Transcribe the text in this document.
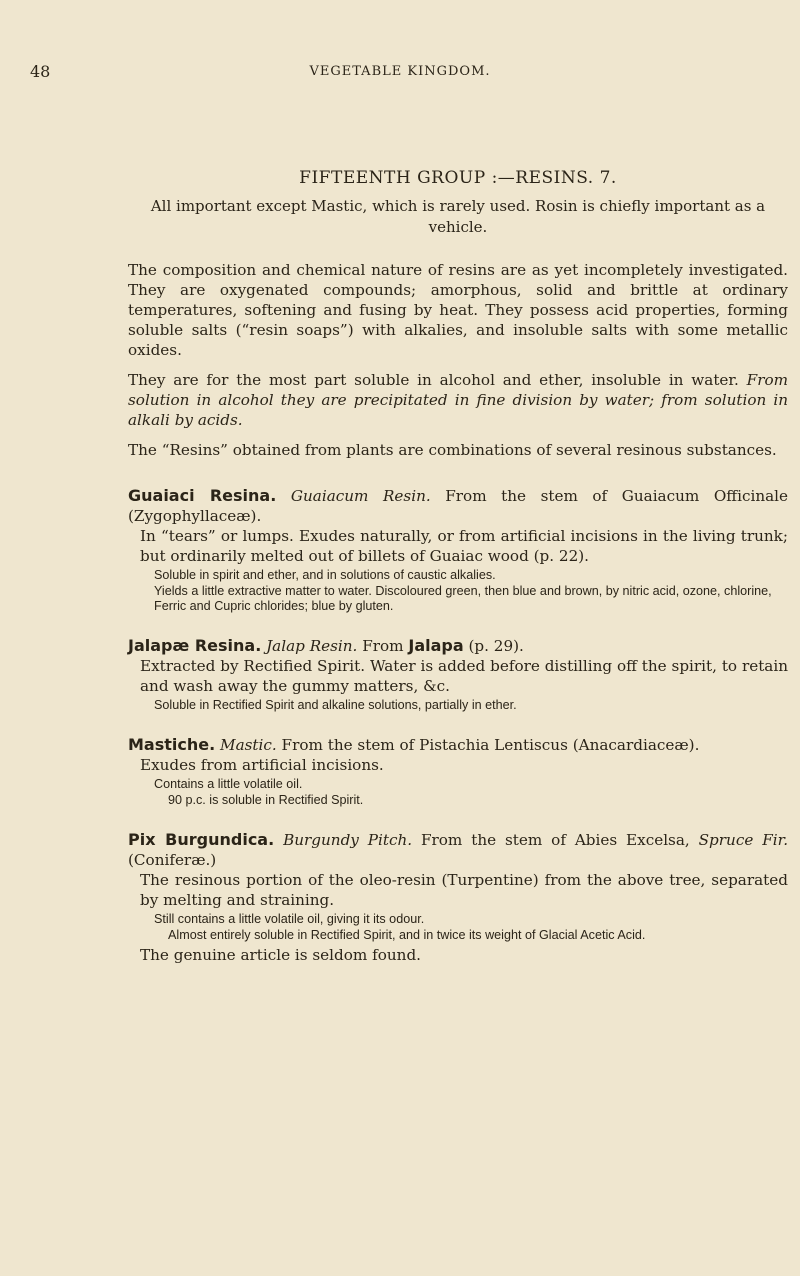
48	VEGETABLE KINGDOM.
FIFTEENTH GROUP :—RESINS. 7.
All important except Mastic, which is rarely used. Rosin is chiefly important as a vehicle.

The composition and chemical nature of resins are as yet incompletely investigated. They are oxygenated compounds; amorphous, solid and brittle at ordinary temperatures, softening and fusing by heat. They possess acid properties, forming soluble salts (“resin soaps”) with alkalies, and insoluble salts with some metallic oxides.

They are for the most part soluble in alcohol and ether, insoluble in water. From solution in alcohol they are precipitated in fine division by water; from solution in alkali by acids.

The “Resins” obtained from plants are combinations of several resinous substances.

Guaiaci Resina. Guaiacum Resin. From the stem of Guaiacum Officinale (Zygophyllaceæ).

In “tears” or lumps. Exudes naturally, or from artificial incisions in the living trunk; but ordinarily melted out of billets of Guaiac wood (p. 22).

Soluble in spirit and ether, and in solutions of caustic alkalies.
Yields a little extractive matter to water. Discoloured green, then blue and brown, by nitric acid, ozone, chlorine, Ferric and Cupric chlorides; blue by gluten.

Jalapæ Resina. Jalap Resin. From Jalapa (p. 29).

Extracted by Rectified Spirit. Water is added before distilling off the spirit, to retain and wash away the gummy matters, &c.

Soluble in Rectified Spirit and alkaline solutions, partially in ether.

Mastiche. Mastic. From the stem of Pistachia Lentiscus (Anacardiaceæ).

Exudes from artificial incisions.

Contains a little volatile oil.
90 p.c. is soluble in Rectified Spirit.

Pix Burgundica. Burgundy Pitch. From the stem of Abies Excelsa, Spruce Fir. (Coniferæ.)

The resinous portion of the oleo-resin (Turpentine) from the above tree, separated by melting and straining.

Still contains a little volatile oil, giving it its odour.
Almost entirely soluble in Rectified Spirit, and in twice its weight of Glacial Acetic Acid.

The genuine article is seldom found.
